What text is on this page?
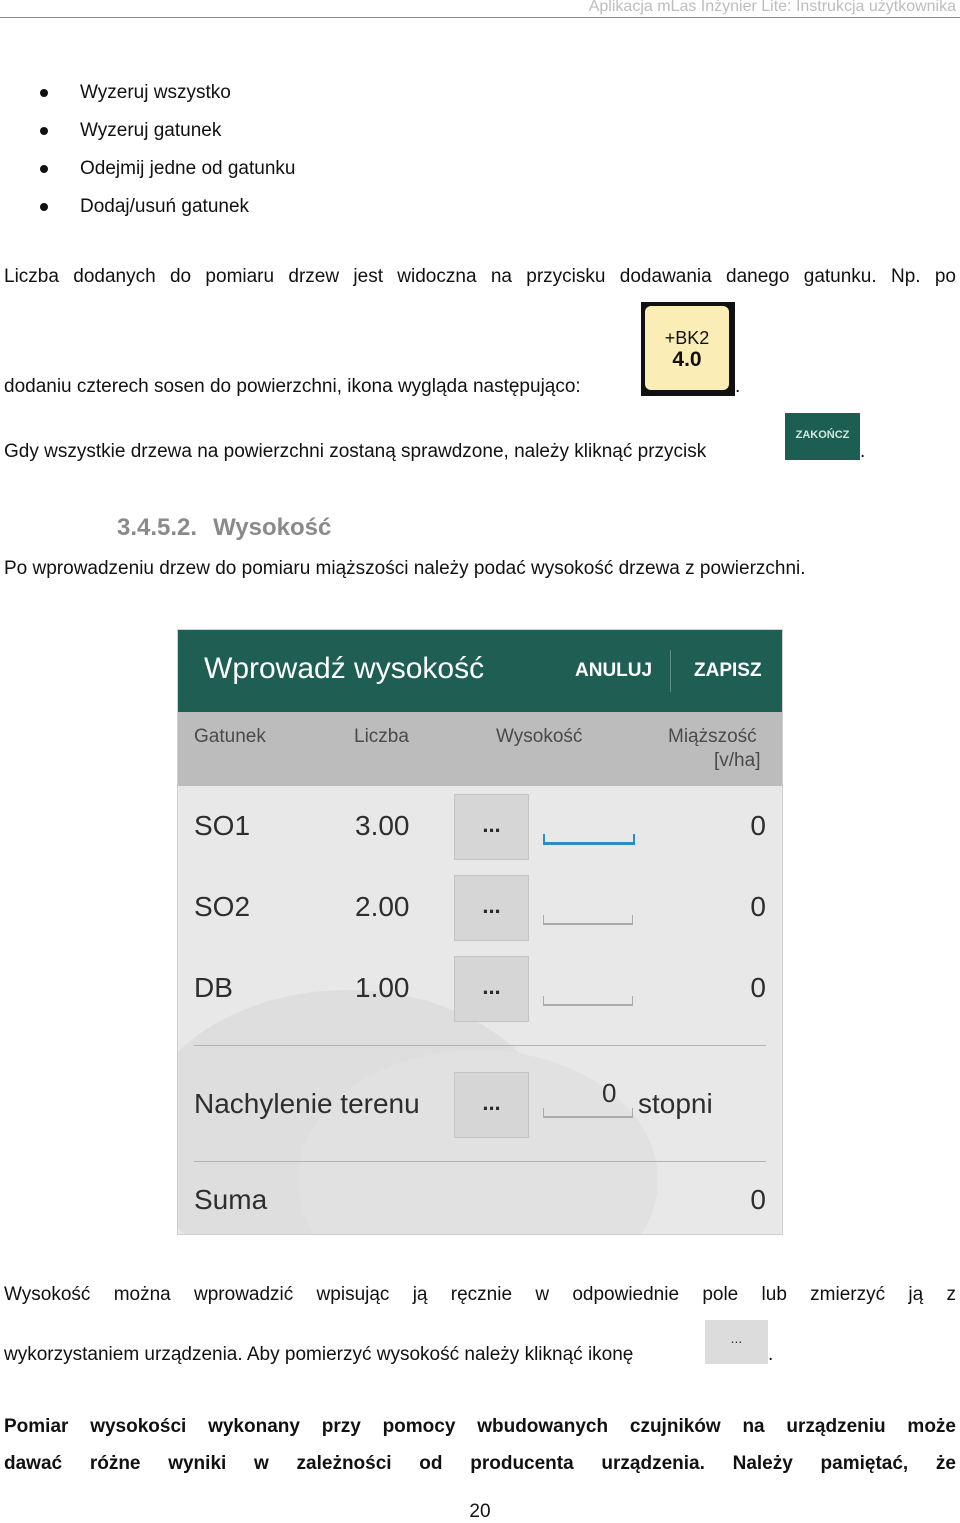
Aplikacja mLas Inżynier Lite: Instrukcja użytkownika
Wyzeruj wszystko
Wyzeruj gatunek
Odejmij jedne od gatunku
Dodaj/usuń gatunek
Liczba dodanych do pomiaru drzew jest widoczna na przycisku dodawania danego gatunku. Np. po
dodaniu czterech sosen do powierzchni, ikona wygląda następująco:
+BK2
4.0
.
Gdy wszystkie drzewa na powierzchni zostaną sprawdzone, należy kliknąć przycisk
ZAKOŃCZ
.
3.4.5.2. Wysokość
Po wprowadzeniu drzew do pomiaru miąższości należy podać wysokość drzewa z powierzchni.
Wprowadź wysokość	ANULUJ ZAPISZ
Gatunek	Liczba	Wysokość	Miąższość
[v/ha]
SO1	3.00	...	0
SO2	2.00	...	0
DB	1.00	...	0
Nachylenie terenu	...	0 stopni
Suma	0
Wysokość można wprowadzić wpisując ją ręcznie w odpowiednie pole lub zmierzyć ją z
wykorzystaniem urządzenia. Aby pomierzyć wysokość należy kliknąć ikonę
...
.
Pomiar wysokości wykonany przy pomocy wbudowanych czujników na urządzeniu może
dawać różne wyniki w zależności od producenta urządzenia. Należy pamiętać, że
20
